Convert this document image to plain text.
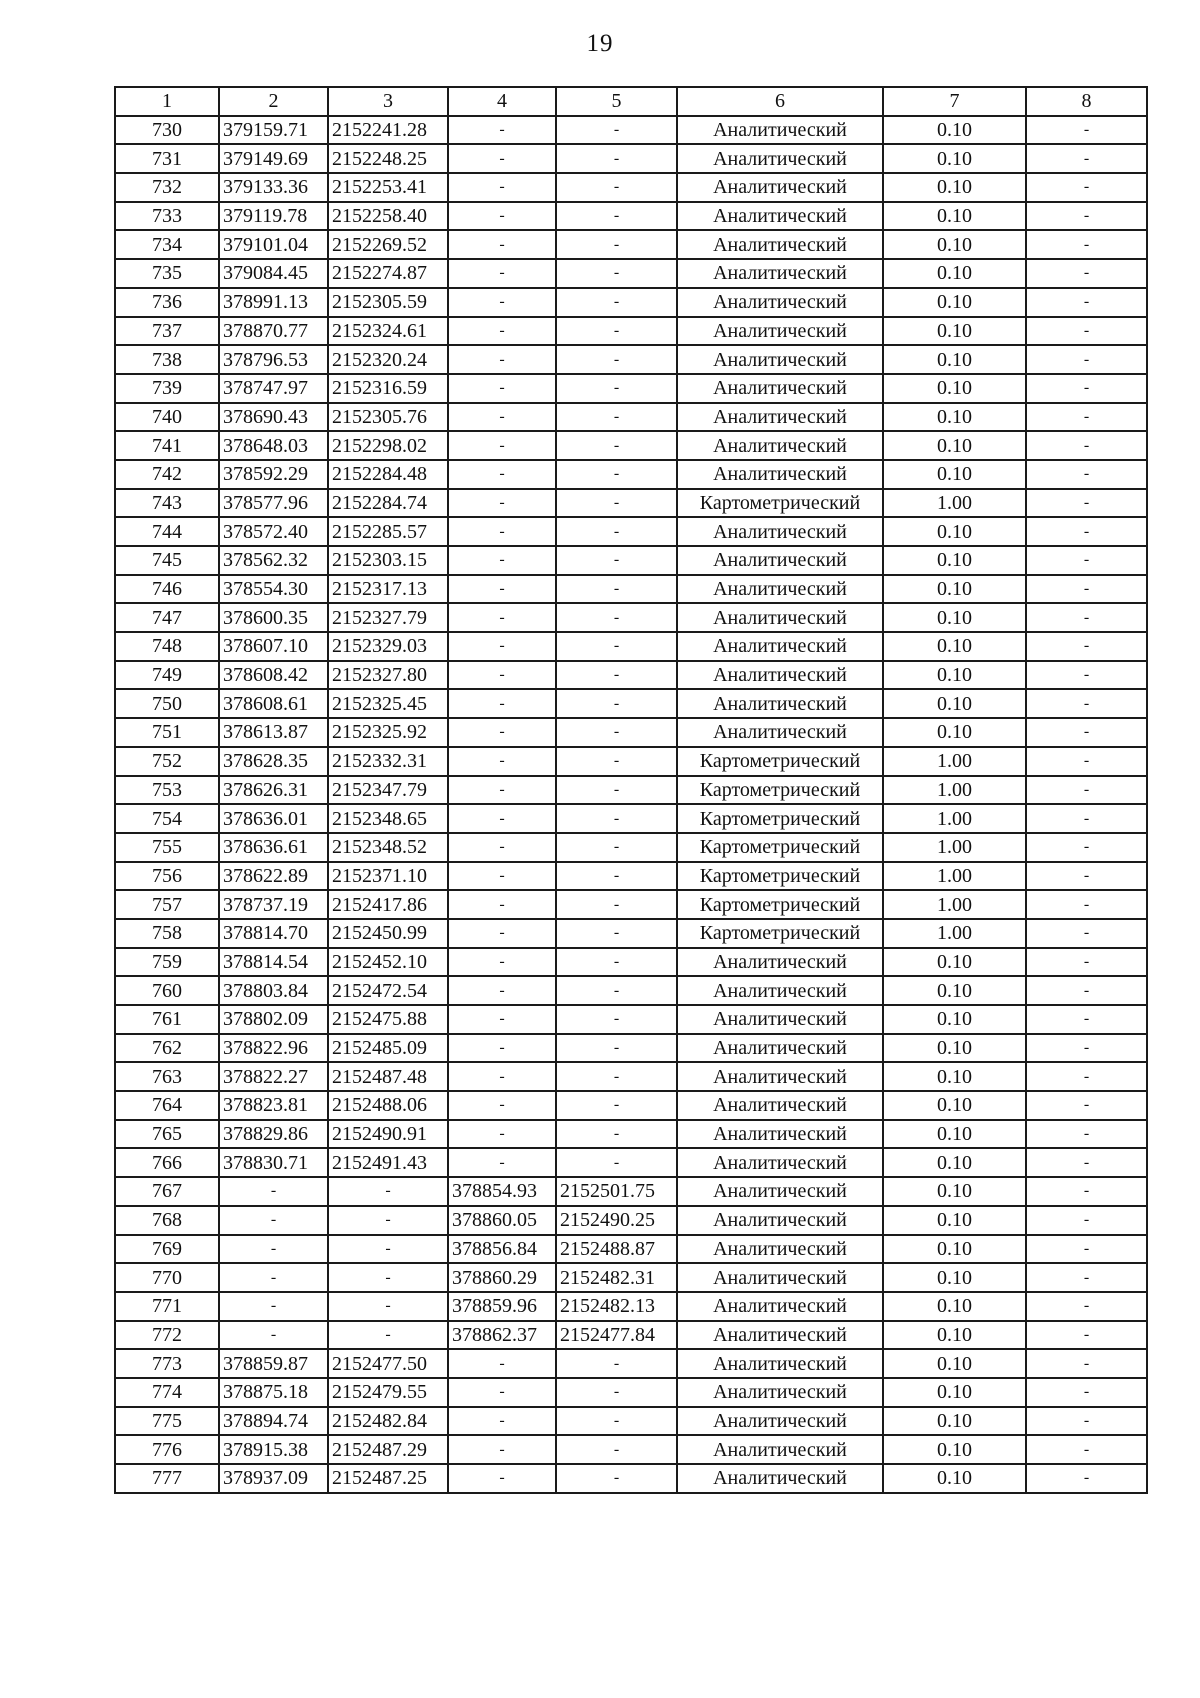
19
1	2	3	4	5	6	7	8
730	379159.71	2152241.28	-	-	Аналитический	0.10	-
731	379149.69	2152248.25	-	-	Аналитический	0.10	-
732	379133.36	2152253.41	-	-	Аналитический	0.10	-
733	379119.78	2152258.40	-	-	Аналитический	0.10	-
734	379101.04	2152269.52	-	-	Аналитический	0.10	-
735	379084.45	2152274.87	-	-	Аналитический	0.10	-
736	378991.13	2152305.59	-	-	Аналитический	0.10	-
737	378870.77	2152324.61	-	-	Аналитический	0.10	-
738	378796.53	2152320.24	-	-	Аналитический	0.10	-
739	378747.97	2152316.59	-	-	Аналитический	0.10	-
740	378690.43	2152305.76	-	-	Аналитический	0.10	-
741	378648.03	2152298.02	-	-	Аналитический	0.10	-
742	378592.29	2152284.48	-	-	Аналитический	0.10	-
743	378577.96	2152284.74	-	-	Картометрический	1.00	-
744	378572.40	2152285.57	-	-	Аналитический	0.10	-
745	378562.32	2152303.15	-	-	Аналитический	0.10	-
746	378554.30	2152317.13	-	-	Аналитический	0.10	-
747	378600.35	2152327.79	-	-	Аналитический	0.10	-
748	378607.10	2152329.03	-	-	Аналитический	0.10	-
749	378608.42	2152327.80	-	-	Аналитический	0.10	-
750	378608.61	2152325.45	-	-	Аналитический	0.10	-
751	378613.87	2152325.92	-	-	Аналитический	0.10	-
752	378628.35	2152332.31	-	-	Картометрический	1.00	-
753	378626.31	2152347.79	-	-	Картометрический	1.00	-
754	378636.01	2152348.65	-	-	Картометрический	1.00	-
755	378636.61	2152348.52	-	-	Картометрический	1.00	-
756	378622.89	2152371.10	-	-	Картометрический	1.00	-
757	378737.19	2152417.86	-	-	Картометрический	1.00	-
758	378814.70	2152450.99	-	-	Картометрический	1.00	-
759	378814.54	2152452.10	-	-	Аналитический	0.10	-
760	378803.84	2152472.54	-	-	Аналитический	0.10	-
761	378802.09	2152475.88	-	-	Аналитический	0.10	-
762	378822.96	2152485.09	-	-	Аналитический	0.10	-
763	378822.27	2152487.48	-	-	Аналитический	0.10	-
764	378823.81	2152488.06	-	-	Аналитический	0.10	-
765	378829.86	2152490.91	-	-	Аналитический	0.10	-
766	378830.71	2152491.43	-	-	Аналитический	0.10	-
767	-	-	378854.93	2152501.75	Аналитический	0.10	-
768	-	-	378860.05	2152490.25	Аналитический	0.10	-
769	-	-	378856.84	2152488.87	Аналитический	0.10	-
770	-	-	378860.29	2152482.31	Аналитический	0.10	-
771	-	-	378859.96	2152482.13	Аналитический	0.10	-
772	-	-	378862.37	2152477.84	Аналитический	0.10	-
773	378859.87	2152477.50	-	-	Аналитический	0.10	-
774	378875.18	2152479.55	-	-	Аналитический	0.10	-
775	378894.74	2152482.84	-	-	Аналитический	0.10	-
776	378915.38	2152487.29	-	-	Аналитический	0.10	-
777	378937.09	2152487.25	-	-	Аналитический	0.10	-
